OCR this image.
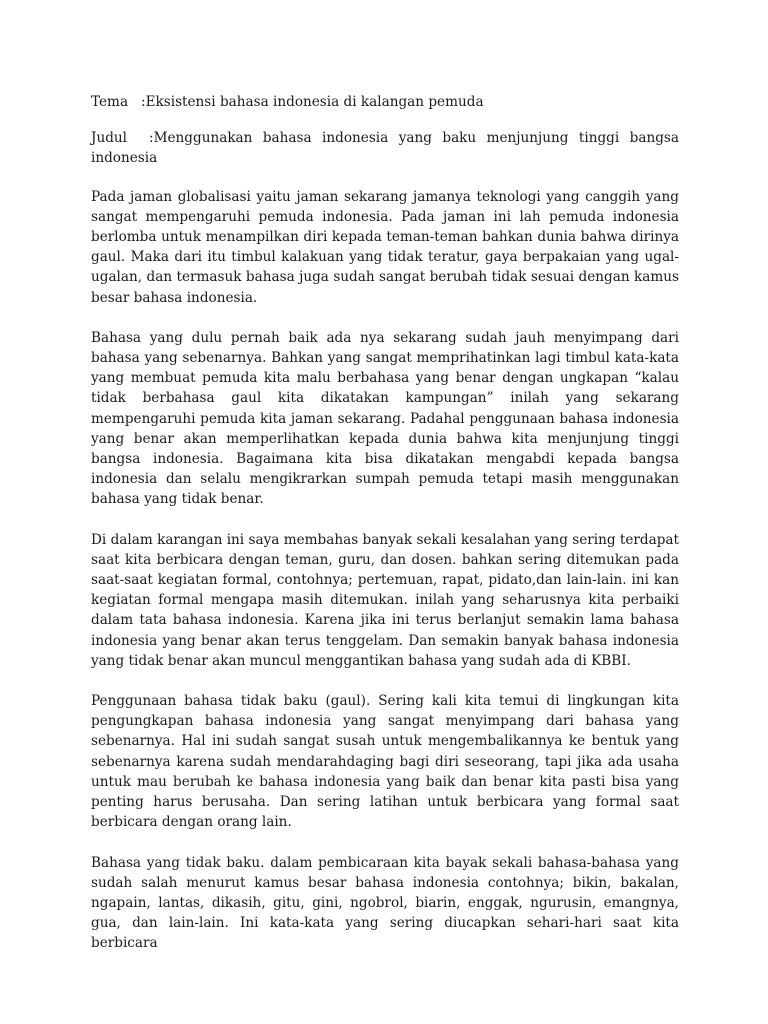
Tema :Eksistensi bahasa indonesia di kalangan pemuda

Judul :Menggunakan bahasa indonesia yang baku menjunjung tinggi bangsa indonesia

Pada jaman globalisasi yaitu jaman sekarang jamanya teknologi yang canggih yang sangat mempengaruhi pemuda indonesia. Pada jaman ini lah pemuda indonesia berlomba untuk menampilkan diri kepada teman-teman bahkan dunia bahwa dirinya gaul. Maka dari itu timbul kalakuan yang tidak teratur, gaya berpakaian yang ugal-ugalan, dan termasuk bahasa juga sudah sangat berubah tidak sesuai dengan kamus besar bahasa indonesia.

Bahasa yang dulu pernah baik ada nya sekarang sudah jauh menyimpang dari bahasa yang sebenarnya. Bahkan yang sangat memprihatinkan lagi timbul kata-kata yang membuat pemuda kita malu berbahasa yang benar dengan ungkapan “kalau tidak berbahasa gaul kita dikatakan kampungan” inilah yang sekarang mempengaruhi pemuda kita jaman sekarang. Padahal penggunaan bahasa indonesia yang benar akan memperlihatkan kepada dunia bahwa kita menjunjung tinggi bangsa indonesia. Bagaimana kita bisa dikatakan mengabdi kepada bangsa indonesia dan selalu mengikrarkan sumpah pemuda tetapi masih menggunakan bahasa yang tidak benar.

Di dalam karangan ini saya membahas banyak sekali kesalahan yang sering terdapat saat kita berbicara dengan teman, guru, dan dosen. bahkan sering ditemukan pada saat-saat kegiatan formal, contohnya; pertemuan, rapat, pidato,dan lain-lain. ini kan kegiatan formal mengapa masih ditemukan. inilah yang seharusnya kita perbaiki dalam tata bahasa indonesia. Karena jika ini terus berlanjut semakin lama bahasa indonesia yang benar akan terus tenggelam. Dan semakin banyak bahasa indonesia yang tidak benar akan muncul menggantikan bahasa yang sudah ada di KBBI.

Penggunaan bahasa tidak baku (gaul). Sering kali kita temui di lingkungan kita pengungkapan bahasa indonesia yang sangat menyimpang dari bahasa yang sebenarnya. Hal ini sudah sangat susah untuk mengembalikannya ke bentuk yang sebenarnya karena sudah mendarahdaging bagi diri seseorang, tapi jika ada usaha untuk mau berubah ke bahasa indonesia yang baik dan benar kita pasti bisa yang penting harus berusaha. Dan sering latihan untuk berbicara yang formal saat berbicara dengan orang lain.

Bahasa yang tidak baku. dalam pembicaraan kita bayak sekali bahasa-bahasa yang sudah salah menurut kamus besar bahasa indonesia contohnya; bikin, bakalan, ngapain, lantas, dikasih, gitu, gini, ngobrol, biarin, enggak, ngurusin, emangnya, gua, dan lain-lain. Ini kata-kata yang sering diucapkan sehari-hari saat kita berbicara
